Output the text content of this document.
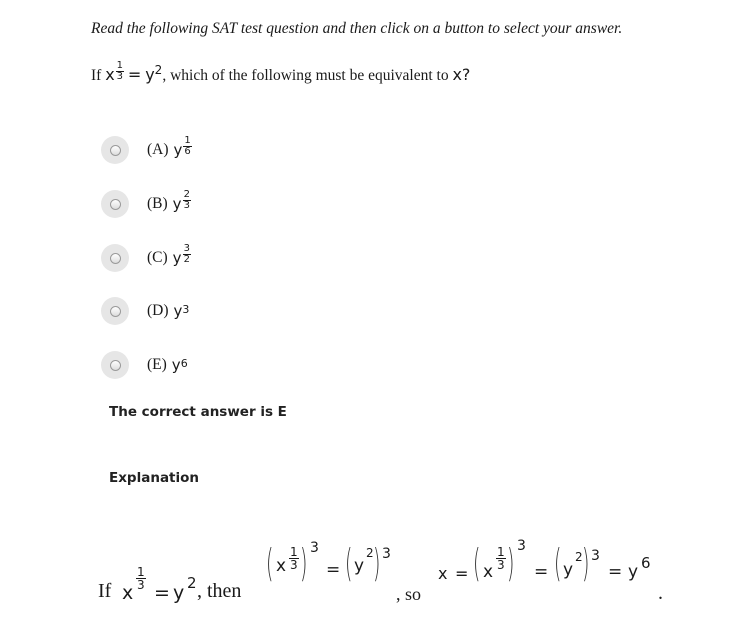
Read the following SAT test question and then click on a button to select your answer.
If x $\frac{1}{3} = y^2$, which of the following must be equivalent to x?
(A) y $\frac{1}{6}$
(B) y $\frac{2}{3}$
(C) y $\frac{3}{2}$
(D) $y^3$
(E) $y^6$
The correct answer is E
Explanation
If x
$\frac{1}{3}$
= y 2 , then
( x $\frac{1}{3}$ ) 3
= ( y
2 ) 3
, so
x = ( x
$\frac{1}{3}$ ) 3
= ( y
2 ) 3
= y 6
.
